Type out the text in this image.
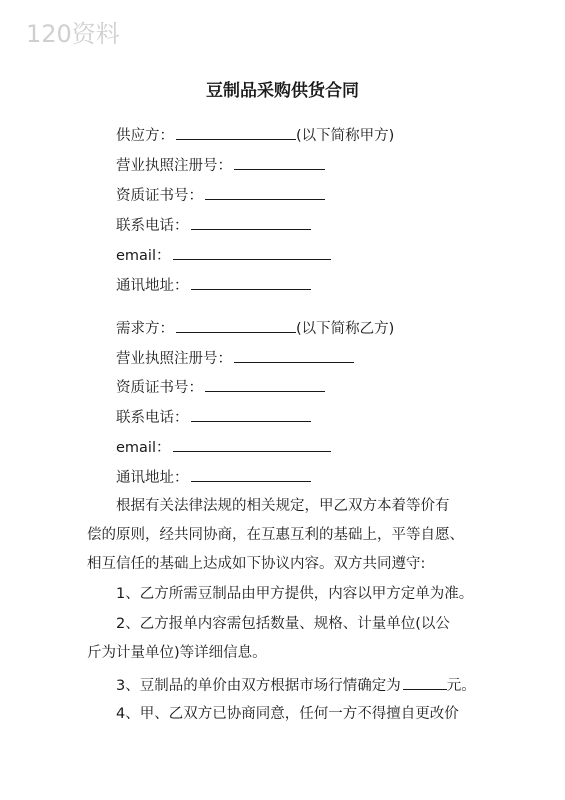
120资料
豆制品采购供货合同
供应方：	(以下简称甲方)
营业执照注册号：
资质证书号：
联系电话：
email：
通讯地址：
需求方：	(以下简称乙方)
营业执照注册号：
资质证书号：
联系电话：
email：
通讯地址：
根据有关法律法规的相关规定，甲乙双方本着等价有
偿的原则，经共同协商，在互惠互利的基础上，平等自愿、
相互信任的基础上达成如下协议内容。双方共同遵守:
1、乙方所需豆制品由甲方提供，内容以甲方定单为准。
2、乙方报单内容需包括数量、规格、计量单位(以公
斤为计量单位)等详细信息。
3、豆制品的单价由双方根据市场行情确定为	元。
4、甲、乙双方已协商同意，任何一方不得擅自更改价
